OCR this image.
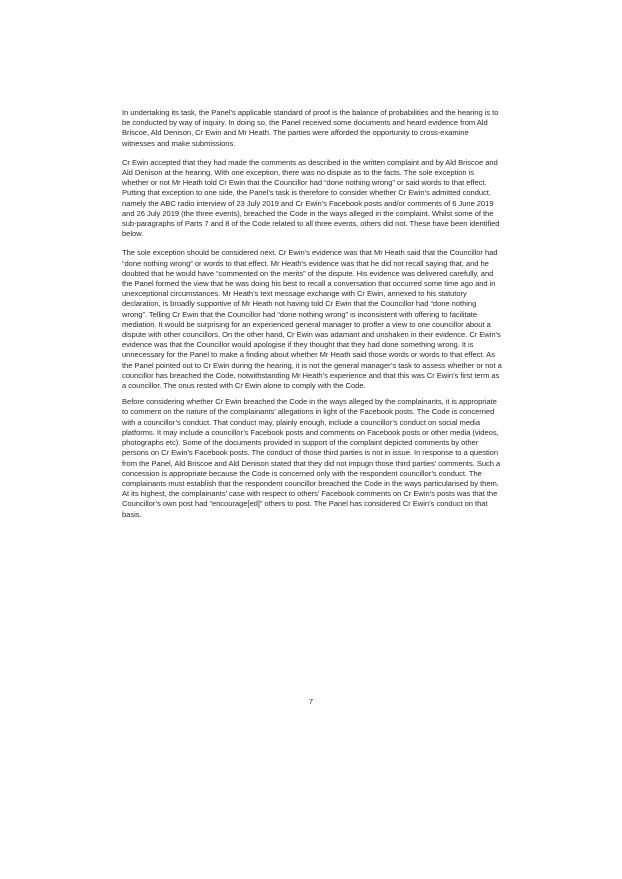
In undertaking its task, the Panel’s applicable standard of proof is the balance of probabilities and the hearing is to be conducted by way of inquiry. In doing so, the Panel received some documents and heard evidence from Ald Briscoe, Ald Denison, Cr Ewin and Mr Heath. The parties were afforded the opportunity to cross-examine witnesses and make submissions.

Cr Ewin accepted that they had made the comments as described in the written complaint and by Ald Briscoe and Ald Denison at the hearing. With one exception, there was no dispute as to the facts. The sole exception is whether or not Mr Heath told Cr Ewin that the Councillor had “done nothing wrong” or said words to that effect. Putting that exception to one side, the Panel’s task is therefore to consider whether Cr Ewin’s admitted conduct, namely the ABC radio interview of 23 July 2019 and Cr Ewin’s Facebook posts and/or comments of 6 June 2019 and 26 July 2019 (the three events), breached the Code in the ways alleged in the complaint. Whilst some of the sub-paragraphs of Parts 7 and 8 of the Code related to all three events, others did not. These have been identified below.

The sole exception should be considered next. Cr Ewin’s evidence was that Mr Heath said that the Councillor had “done nothing wrong” or words to that effect. Mr Heath’s evidence was that he did not recall saying that, and he doubted that he would have “commented on the merits” of the dispute. His evidence was delivered carefully, and the Panel formed the view that he was doing his best to recall a conversation that occurred some time ago and in unexceptional circumstances. Mr Heath’s text message exchange with Cr Ewin, annexed to his statutory declaration, is broadly supportive of Mr Heath not having told Cr Ewin that the Councillor had “done nothing wrong”. Telling Cr Ewin that the Councillor had “done nothing wrong” is inconsistent with offering to facilitate mediation. It would be surprising for an experienced general manager to proffer a view to one councillor about a dispute with other councillors. On the other hand, Cr Ewin was adamant and unshaken in their evidence. Cr Ewin’s evidence was that the Councillor would apologise if they thought that they had done something wrong. It is unnecessary for the Panel to make a finding about whether Mr Heath said those words or words to that effect. As the Panel pointed out to Cr Ewin during the hearing, it is not the general manager’s task to assess whether or not a councillor has breached the Code, notwithstanding Mr Heath’s experience and that this was Cr Ewin’s first term as a councillor. The onus rested with Cr Ewin alone to comply with the Code.

Before considering whether Cr Ewin breached the Code in the ways alleged by the complainants, it is appropriate to comment on the nature of the complainants’ allegations in light of the Facebook posts. The Code is concerned with a councillor’s conduct. That conduct may, plainly enough, include a councillor’s conduct on social media platforms. It may include a councillor’s Facebook posts and comments on Facebook posts or other media (videos, photographs etc). Some of the documents provided in support of the complaint depicted comments by other persons on Cr Ewin’s Facebook posts. The conduct of those third parties is not in issue. In response to a question from the Panel, Ald Briscoe and Ald Denison stated that they did not impugn those third parties’ comments. Such a concession is appropriate because the Code is concerned only with the respondent councillor’s conduct. The complainants must establish that the respondent councillor breached the Code in the ways particularised by them. At its highest, the complainants’ case with respect to others’ Facebook comments on Cr Ewin’s posts was that the Councillor’s own post had “encourage[ed]” others to post. The Panel has considered Cr Ewin’s conduct on that basis.

7
